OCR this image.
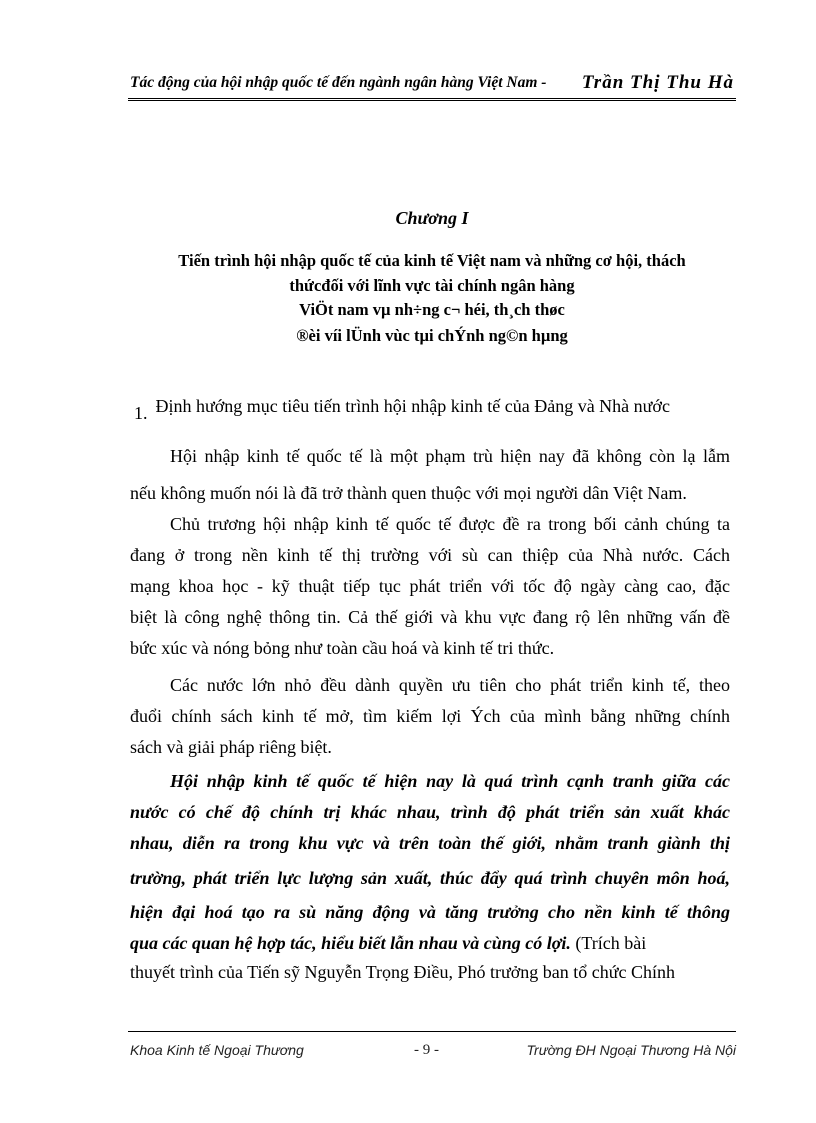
Tác động của hội nhập quốc tế đến ngành ngân hàng Việt Nam - Trần Thị Thu Hà
Chương I
Tiến trình hội nhập quốc tế của kinh tế Việt nam và những cơ hội, thách
thứcđối với lĩnh vực tài chính ngân hàng
ViÖt nam vµ nh÷ng c¬ héi, th¸ch thøc
®èi víi lÜnh vùc tµi chÝnh ng©n hµng
1. Định hướng mục tiêu tiến trình hội nhập kinh tế của Đảng và Nhà nước
Hội nhập kinh tế quốc tế là một phạm trù hiện nay đã không còn lạ lẫm
nếu không muốn nói là đã trở thành quen thuộc với mọi người dân Việt Nam.
Chủ trương hội nhập kinh tế quốc tế được đề ra trong bối cảnh chúng ta
đang ở trong nền kinh tế thị trường với sù can thiệp của Nhà nước. Cách
mạng khoa học - kỹ thuật tiếp tục phát triển với tốc độ ngày càng cao, đặc
biệt là công nghệ thông tin. Cả thế giới và khu vực đang rộ lên những vấn đề
bức xúc và nóng bỏng như toàn cầu hoá và kinh tế tri thức.
Các nước lớn nhỏ đều dành quyền ưu tiên cho phát triển kinh tế, theo
đuổi chính sách kinh tế mở, tìm kiếm lợi Ých của mình bằng những chính
sách và giải pháp riêng biệt.
Hội nhập kinh tế quốc tế hiện nay là quá trình cạnh tranh giữa các
nước có chế độ chính trị khác nhau, trình độ phát triển sản xuất khác
nhau, diễn ra trong khu vực và trên toàn thế giới, nhằm tranh giành thị
trường, phát triển lực lượng sản xuất, thúc đẩy quá trình chuyên môn hoá,
hiện đại hoá tạo ra sù năng động và tăng trưởng cho nền kinh tế thông
qua các quan hệ hợp tác, hiểu biết lẫn nhau và cùng có lợi. (Trích bài
thuyết trình của Tiến sỹ Nguyễn Trọng Điều, Phó trưởng ban tổ chức Chính
Khoa Kinh tế Ngoại Thương	- 9 -	Trường ĐH Ngoại Thương Hà Nội
